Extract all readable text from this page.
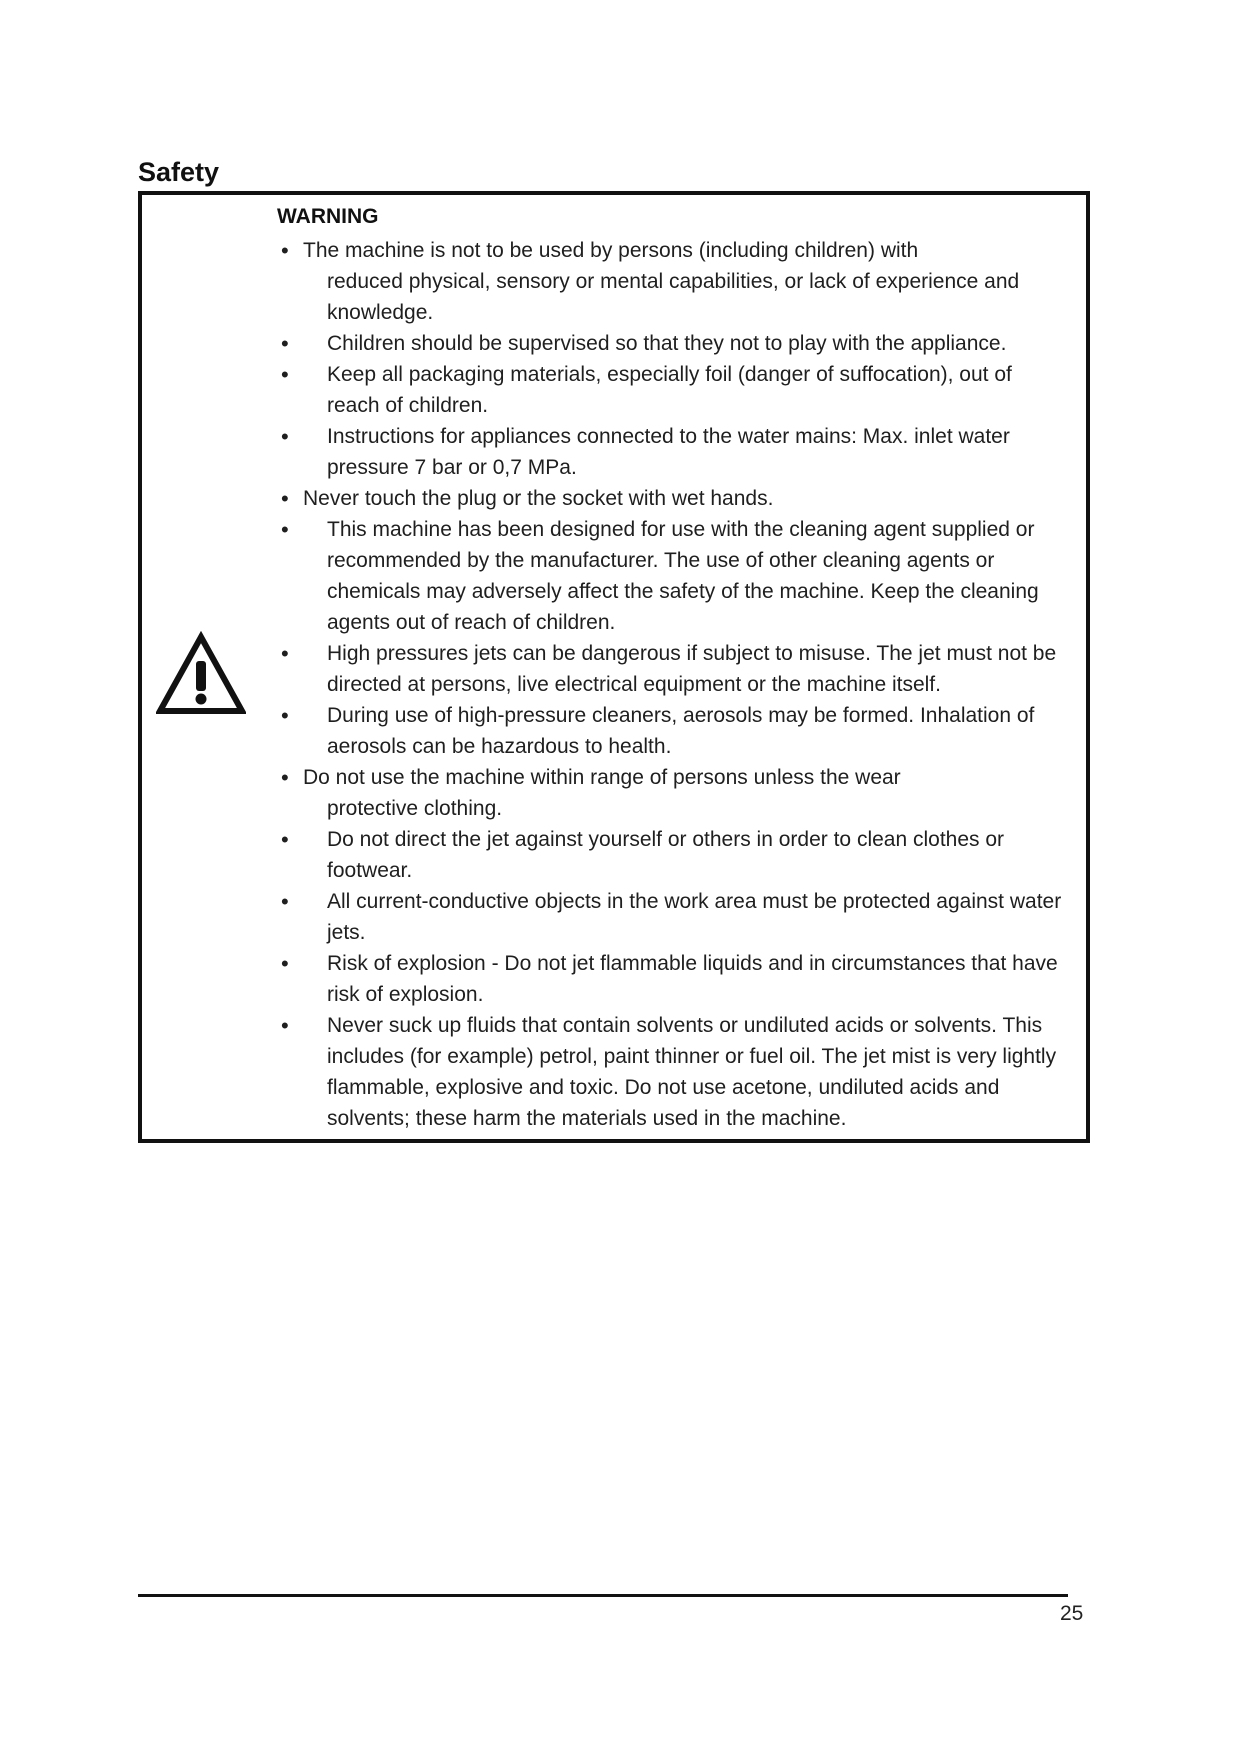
Safety
WARNING
• The machine is not to be used by persons (including children) with
reduced physical, sensory or mental capabilities, or lack of experience and knowledge.
• Children should be supervised so that they not to play with the appliance.
• Keep all packaging materials, especially foil (danger of suffocation), out of reach of children.
• Instructions for appliances connected to the water mains: Max. inlet water pressure 7 bar or 0,7 MPa.
• Never touch the plug or the socket with wet hands.
• This machine has been designed for use with the cleaning agent supplied or recommended by the manufacturer. The use of other cleaning agents or chemicals may adversely affect the safety of the machine. Keep the cleaning agents out of reach of children.
• High pressures jets can be dangerous if subject to misuse. The jet must not be directed at persons, live electrical equipment or the machine itself.
• During use of high-pressure cleaners, aerosols may be formed. Inhalation of aerosols can be hazardous to health.
• Do not use the machine within range of persons unless the wear
protective clothing.
• Do not direct the jet against yourself or others in order to clean clothes or footwear.
• All current-conductive objects in the work area must be protected against water jets.
• Risk of explosion - Do not jet flammable liquids and in circumstances that have risk of explosion.
• Never suck up fluids that contain solvents or undiluted acids or solvents. This includes (for example) petrol, paint thinner or fuel oil. The jet mist is very lightly flammable, explosive and toxic. Do not use acetone, undiluted acids and solvents; these harm the materials used in the machine.
25
